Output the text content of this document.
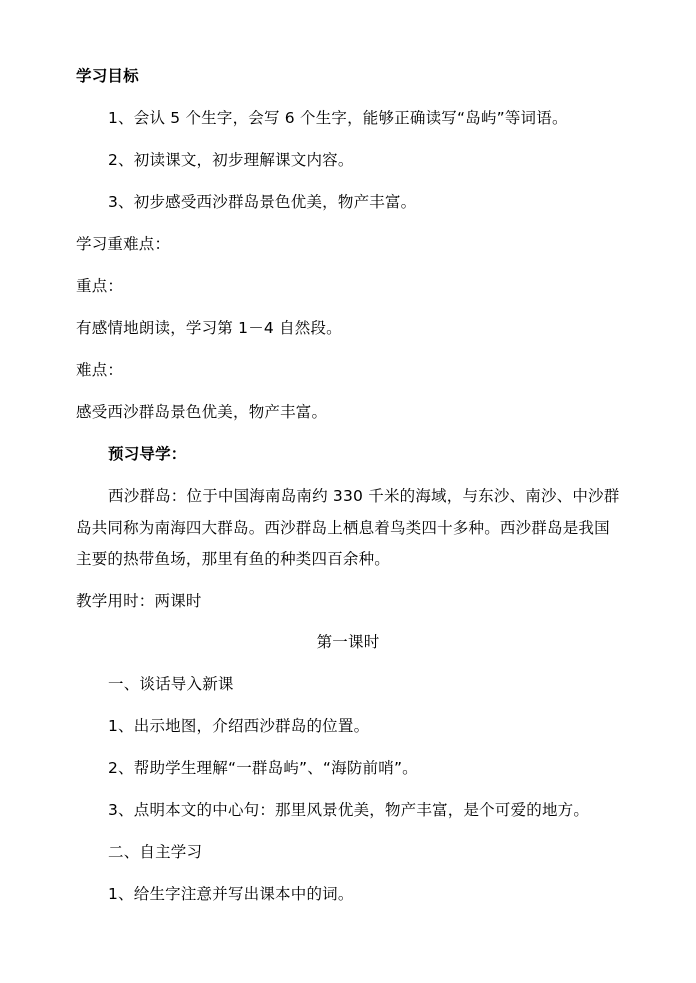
学习目标
1、会认 5 个生字，会写 6 个生字，能够正确读写“岛屿”等词语。
2、初读课文，初步理解课文内容。
3、初步感受西沙群岛景色优美，物产丰富。
学习重难点：
重点：
有感情地朗读，学习第 1－4 自然段。
难点：
感受西沙群岛景色优美，物产丰富。
预习导学：
西沙群岛：位于中国海南岛南约 330 千米的海域，与东沙、南沙、中沙群
岛共同称为南海四大群岛。西沙群岛上栖息着鸟类四十多种。西沙群岛是我国
主要的热带鱼场，那里有鱼的种类四百余种。
教学用时：两课时
第一课时
一、谈话导入新课
1、出示地图，介绍西沙群岛的位置。
2、帮助学生理解“一群岛屿”、“海防前哨”。
3、点明本文的中心句：那里风景优美，物产丰富，是个可爱的地方。
二、自主学习
1、给生字注意并写出课本中的词。
